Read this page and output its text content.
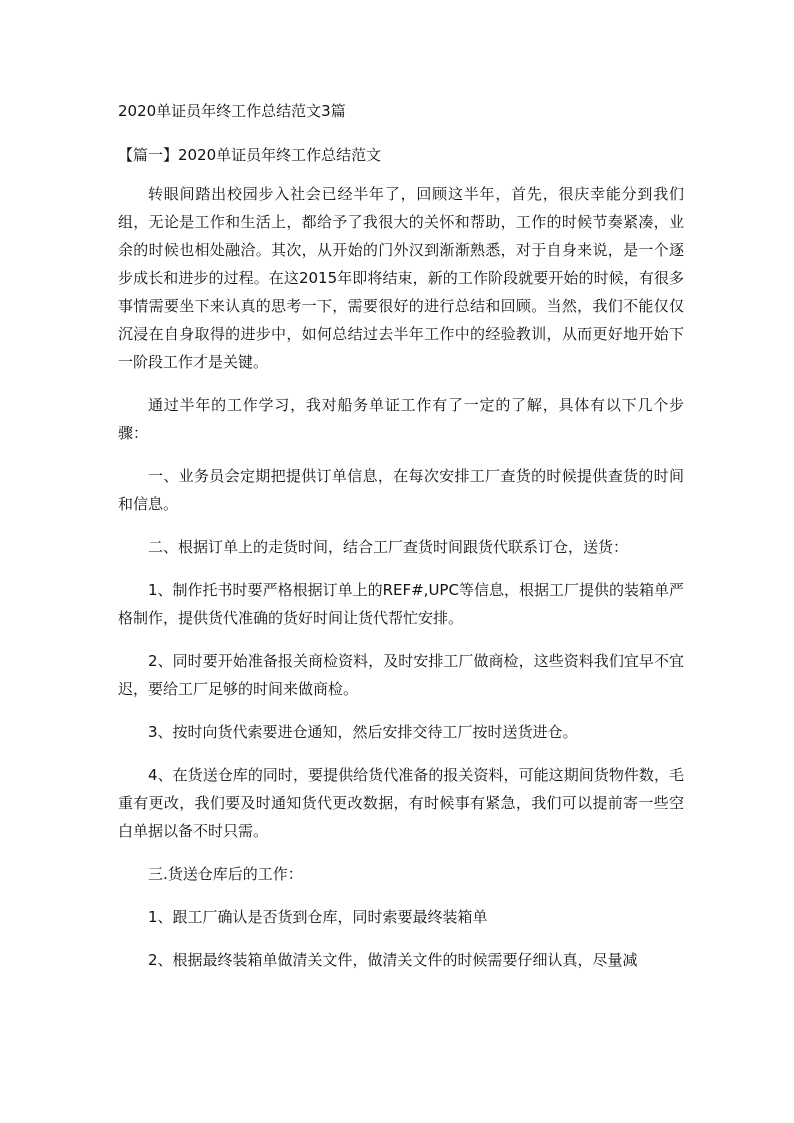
2020单证员年终工作总结范文3篇
【篇一】2020单证员年终工作总结范文

转眼间踏出校园步入社会已经半年了，回顾这半年，首先，很庆幸能分到我们组，无论是工作和生活上，都给予了我很大的关怀和帮助，工作的时候节奏紧凑，业余的时候也相处融洽。其次，从开始的门外汉到渐渐熟悉，对于自身来说，是一个逐步成长和进步的过程。在这2015年即将结束，新的工作阶段就要开始的时候，有很多事情需要坐下来认真的思考一下，需要很好的进行总结和回顾。当然，我们不能仅仅沉浸在自身取得的进步中，如何总结过去半年工作中的经验教训，从而更好地开始下一阶段工作才是关键。

通过半年的工作学习，我对船务单证工作有了一定的了解，具体有以下几个步骤：

一、业务员会定期把提供订单信息，在每次安排工厂查货的时候提供查货的时间和信息。

二、根据订单上的走货时间，结合工厂查货时间跟货代联系订仓，送货：

1、制作托书时要严格根据订单上的REF#,UPC等信息，根据工厂提供的装箱单严格制作，提供货代准确的货好时间让货代帮忙安排。

2、同时要开始准备报关商检资料，及时安排工厂做商检，这些资料我们宜早不宜迟，要给工厂足够的时间来做商检。

3、按时向货代索要进仓通知，然后安排交待工厂按时送货进仓。

4、在货送仓库的同时，要提供给货代准备的报关资料，可能这期间货物件数，毛重有更改，我们要及时通知货代更改数据，有时候事有紧急，我们可以提前寄一些空白单据以备不时只需。

三.货送仓库后的工作：

1、跟工厂确认是否货到仓库，同时索要最终装箱单

2、根据最终装箱单做清关文件，做清关文件的时候需要仔细认真，尽量减
